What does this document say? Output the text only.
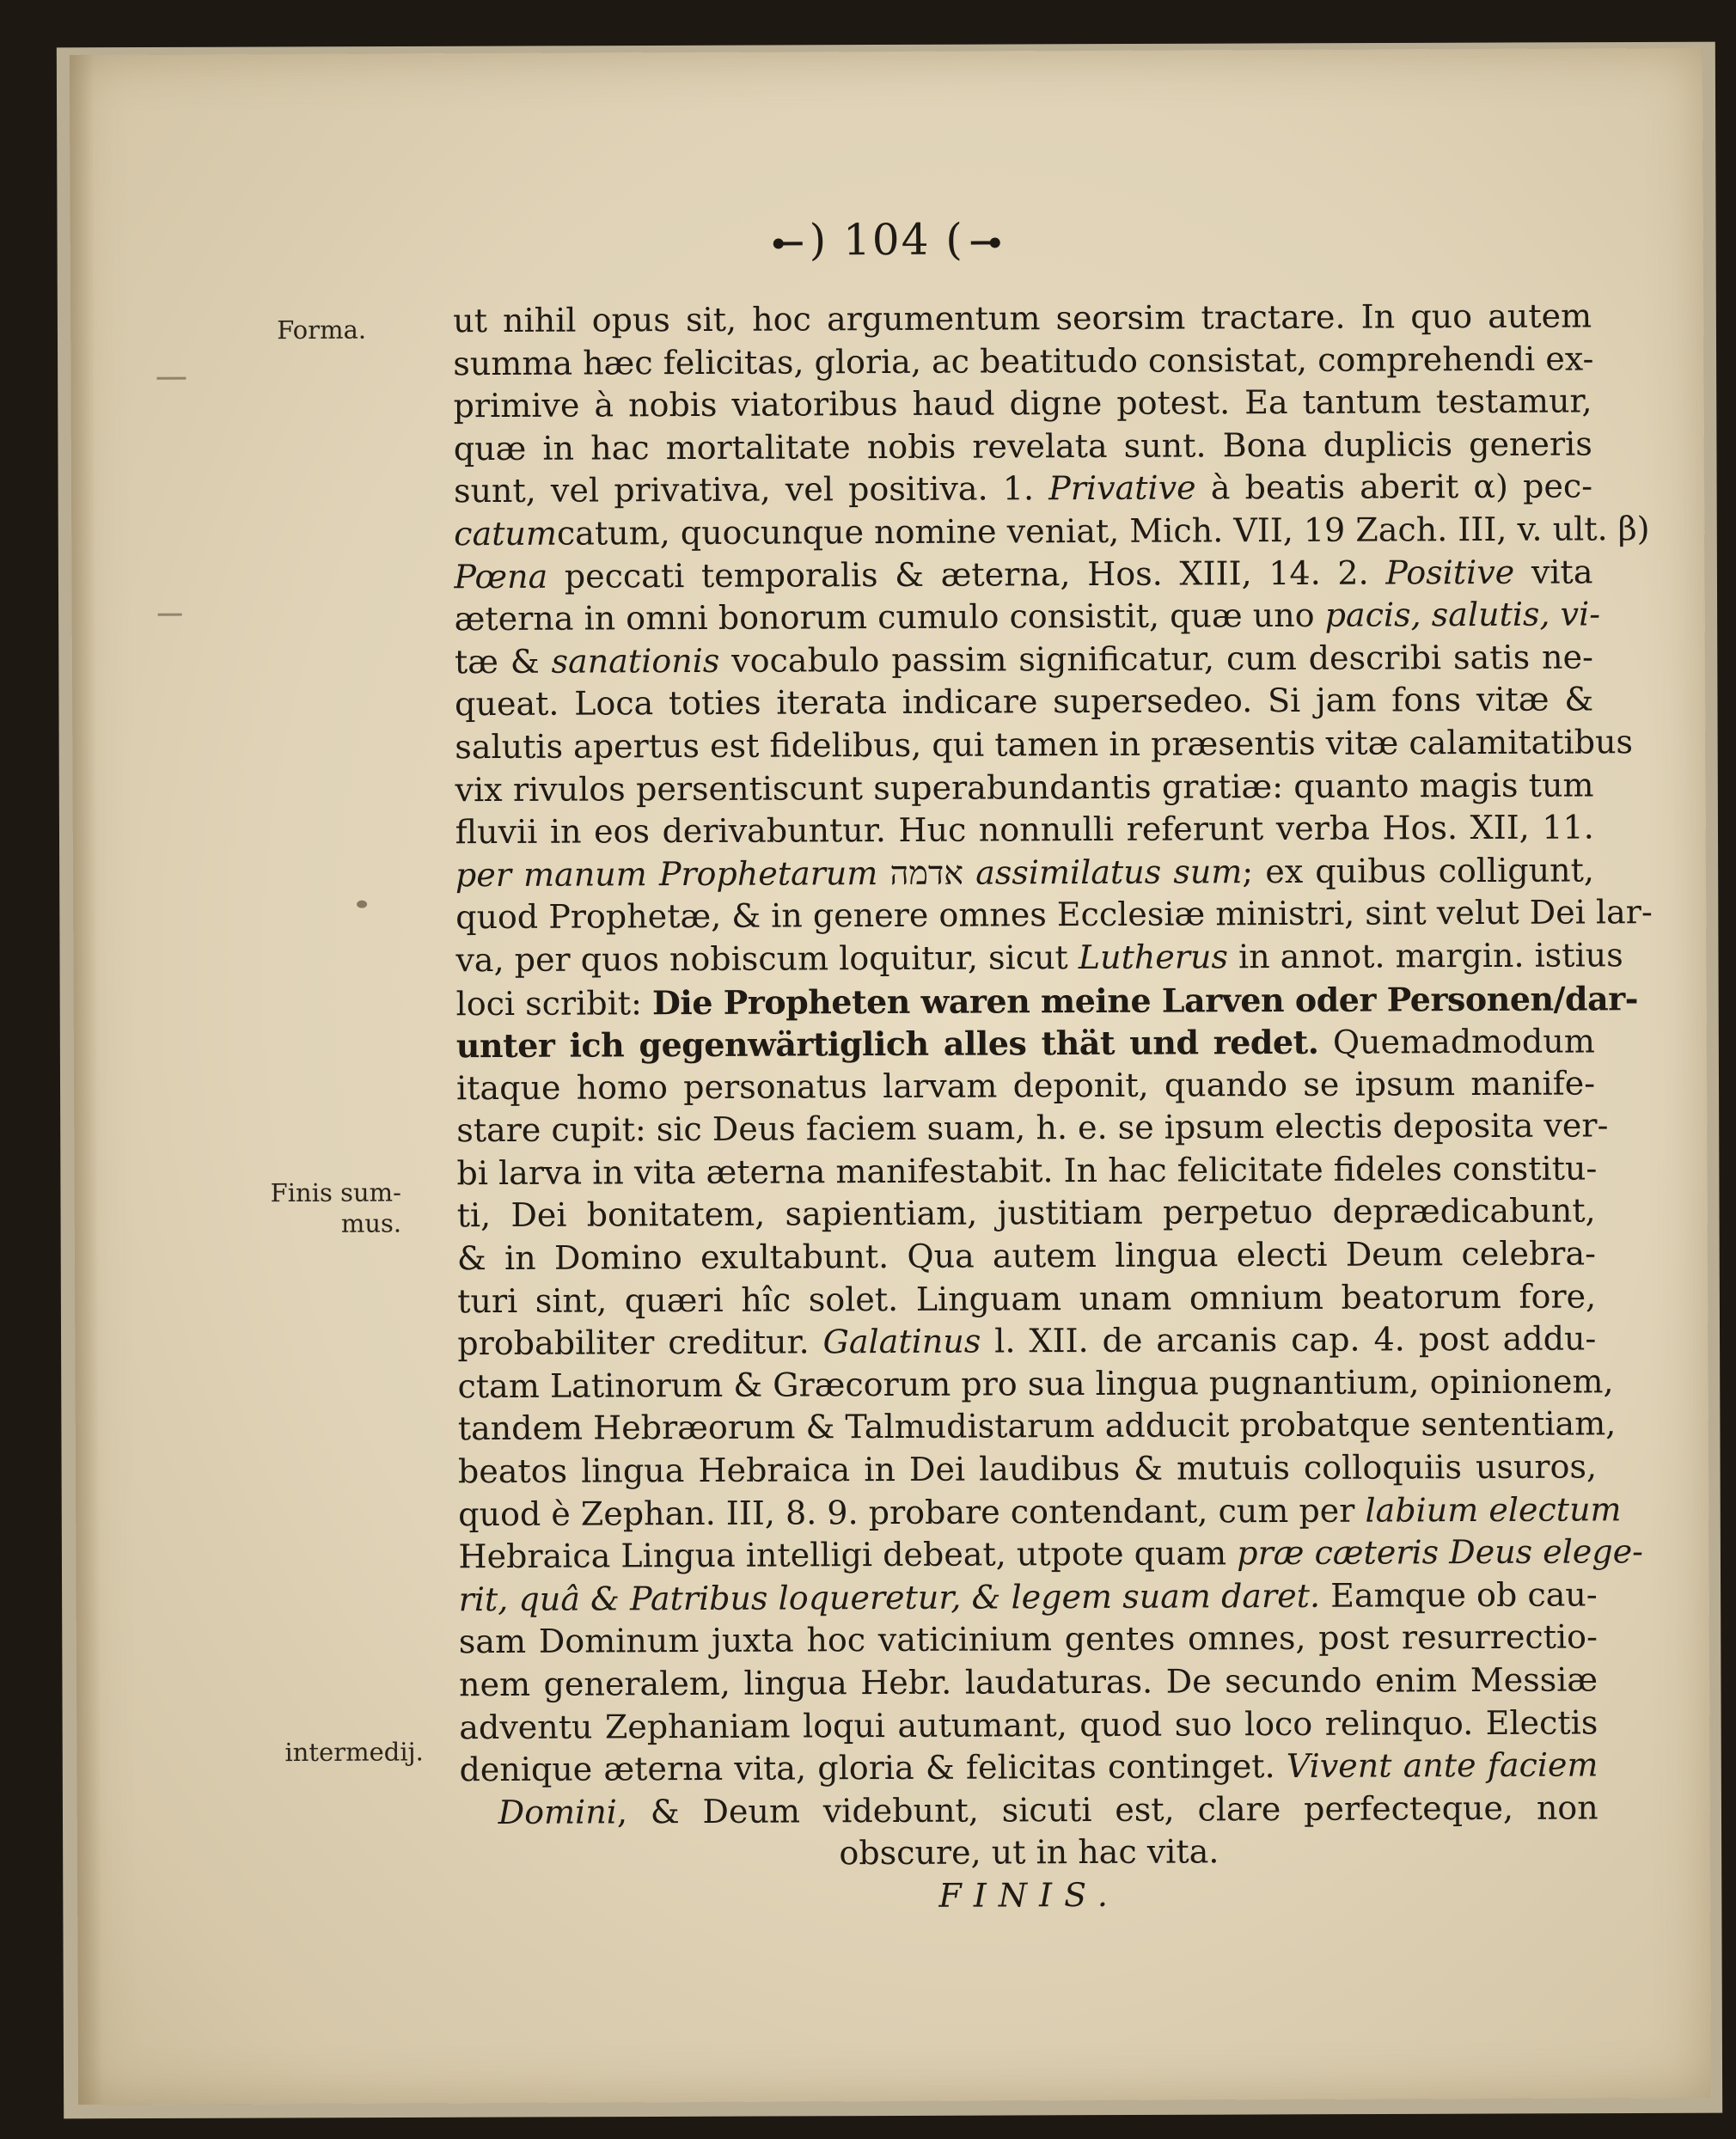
) 104 (
Forma.
Finis sum-
mus.
intermedij.
ut nihil opus sit, hoc argumentum seorsim tractare. In quo autem
summa hæc felicitas, gloria, ac beatitudo consistat, comprehendi ex-
primive à nobis viatoribus haud digne potest. Ea tantum testamur,
quæ in hac mortalitate nobis revelata sunt. Bona duplicis generis
sunt, vel privativa, vel positiva. 1. Privative à beatis aberit α) pec-
catumcatum, quocunque nomine veniat, Mich. VII, 19 Zach. III, v. ult. β)
Pœna peccati temporalis & æterna, Hos. XIII, 14. 2. Positive vita
æterna in omni bonorum cumulo consistit, quæ uno pacis, salutis, vi-
tæ & sanationis vocabulo passim significatur, cum describi satis ne-
queat. Loca toties iterata indicare supersedeo. Si jam fons vitæ &
salutis apertus est fidelibus, qui tamen in præsentis vitæ calamitatibus
vix rivulos persentiscunt superabundantis gratiæ: quanto magis tum
fluvii in eos derivabuntur. Huc nonnulli referunt verba Hos. XII, 11.
per manum Prophetarum אדמה assimilatus sum; ex quibus colligunt,
quod Prophetæ, & in genere omnes Ecclesiæ ministri, sint velut Dei lar-
va, per quos nobiscum loquitur, sicut Lutherus in annot. margin. istius
loci scribit: Die Propheten waren meine Larven oder Personen/dar-
unter ich gegenwärtiglich alles thät und redet. Quemadmodum
itaque homo personatus larvam deponit, quando se ipsum manife-
stare cupit: sic Deus faciem suam, h. e. se ipsum electis deposita ver-
bi larva in vita æterna manifestabit. In hac felicitate fideles constitu-
ti, Dei bonitatem, sapientiam, justitiam perpetuo deprædicabunt,
& in Domino exultabunt. Qua autem lingua electi Deum celebra-
turi sint, quæri hîc solet. Linguam unam omnium beatorum fore,
probabiliter creditur. Galatinus l. XII. de arcanis cap. 4. post addu-
ctam Latinorum & Græcorum pro sua lingua pugnantium, opinionem,
tandem Hebræorum & Talmudistarum adducit probatque sententiam,
beatos lingua Hebraica in Dei laudibus & mutuis colloquiis usuros,
quod è Zephan. III, 8. 9. probare contendant, cum per labium electum
Hebraica Lingua intelligi debeat, utpote quam præ cæteris Deus elege-
rit, quâ & Patribus loqueretur, & legem suam daret. Eamque ob cau-
sam Dominum juxta hoc vaticinium gentes omnes, post resurrectio-
nem generalem, lingua Hebr. laudaturas. De secundo enim Messiæ
adventu Zephaniam loqui autumant, quod suo loco relinquo. Electis
denique æterna vita, gloria & felicitas continget. Vivent ante faciem
Domini, & Deum videbunt, sicuti est, clare perfecteque, non
obscure, ut in hac vita.
FINIS.
